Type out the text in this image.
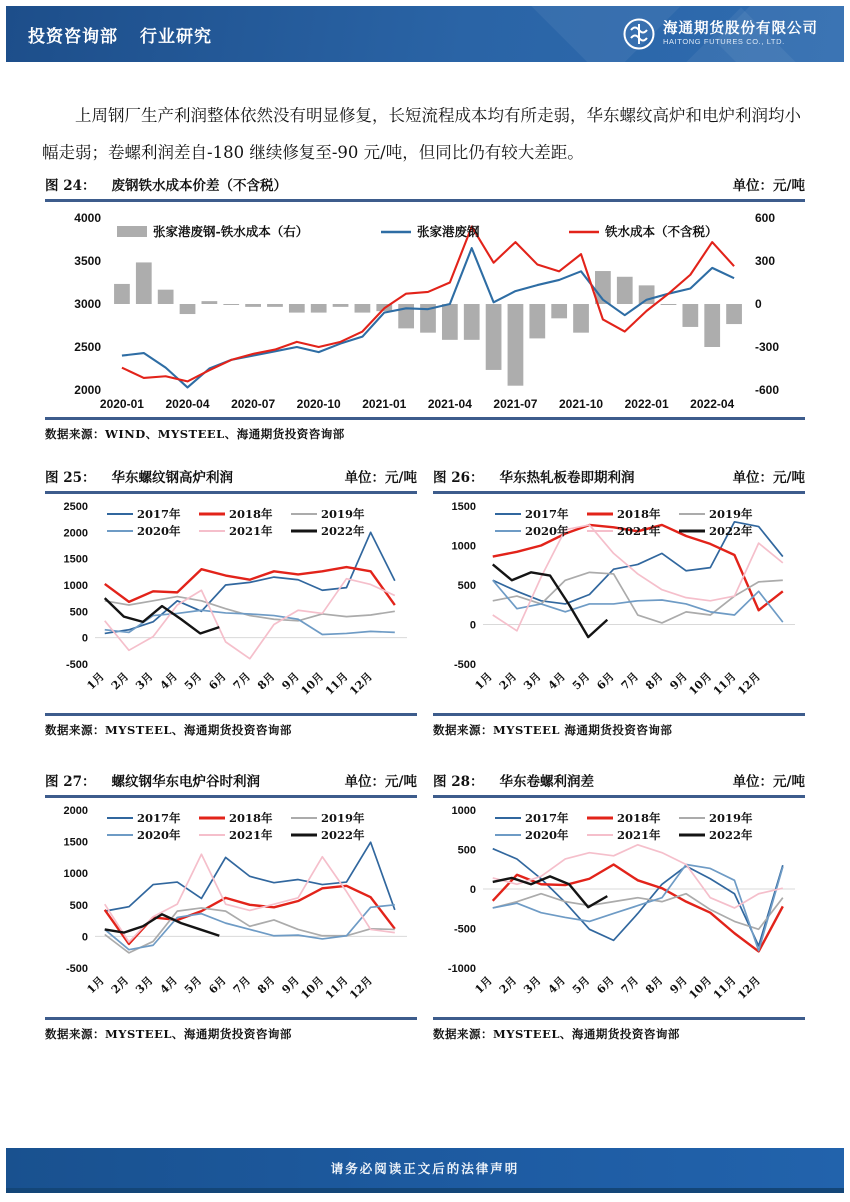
投资咨询部 行业研究	海通期货股份有限公司
HAITONG FUTURES CO., LTD.

上周钢厂生产利润整体依然没有明显修复，长短流程成本均有所走弱，华东螺纹高炉和电炉利润均小幅走弱；卷螺利润差自-180 继续修复至-90 元/吨，但同比仍有较大差距。

图 24： 废钢铁水成本价差（不含税）	单位：元/吨
2000
2500
3000
3500
4000
-600
-300
0
300
600
2020-01 2020-04 2020-07 2020-10 2021-01 2021-04 2021-07 2021-10 2022-01 2022-04
张家港废钢-铁水成本（右）	张家港废钢	铁水成本（不含税）
数据来源：WIND、MYSTEEL、海通期货投资咨询部
图 25： 华东螺纹钢高炉利润	单位：元/吨
-500
0
500
1000
1500
2000
2500
1月 2月 3月 4月 5月 6月 7月 8月 9月
10月
11月
12月
2017年	2018年	2019年
2020年	2021年	2022年
数据来源：MYSTEEL、海通期货投资咨询部
图 26： 华东热轧板卷即期利润	单位：元/吨
-500
0
500
1000
1500
1月 2月 3月 4月 5月 6月 7月 8月 9月
10月
11月
12月
2017年	2018年	2019年
2020年	2021年	2022年
数据来源：MYSTEEL 海通期货投资咨询部
图 27： 螺纹钢华东电炉谷时利润	单位：元/吨
-500
0
500
1000
1500
2000
1月 2月 3月 4月 5月 6月 7月 8月 9月
10月
11月
12月
2017年	2018年	2019年
2020年	2021年	2022年
数据来源：MYSTEEL、海通期货投资咨询部
图 28： 华东卷螺利润差	单位：元/吨
-1000
-500
0
500
1000
1月 2月 3月 4月 5月 6月 7月 8月 9月
10月
11月
12月
2017年	2018年	2019年
2020年	2021年	2022年
数据来源：MYSTEEL、海通期货投资咨询部
请务必阅读正文后的法律声明
